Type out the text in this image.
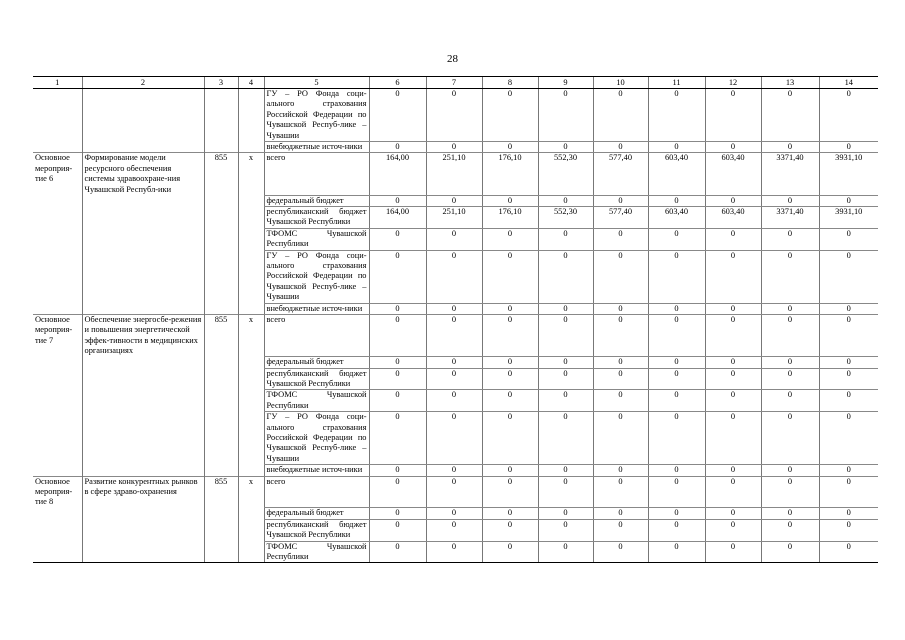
28
1	2	3	4	5	6	7	8	9	10	11	12	13	14
				ГУ – РО Фонда соци-альнoго страхования Российской Федерации по Чувашской Респуб-лике – Чувашии	0	0	0	0	0	0	0	0	0
				внебюджетные источ-ники	0	0	0	0	0	0	0	0	0
Основное мероприя-тие 6	Формирование модели ресурсного обеспечения системы здравоохране-ния Чувашской Республ-ики	855	x	всего	164,00	251,10	176,10	552,30	577,40	603,40	603,40	3371,40	3931,10
				федеральный бюджет	0	0	0	0	0	0	0	0	0
				республиканский бюджет Чувашской Республики	164,00	251,10	176,10	552,30	577,40	603,40	603,40	3371,40	3931,10
				ТФОМС Чувашской Республики	0	0	0	0	0	0	0	0	0
				ГУ – РО Фонда соци-альнoго страхования Российской Федерации по Чувашской Респуб-лике – Чувашии	0	0	0	0	0	0	0	0	0
				внебюджетные источ-ники	0	0	0	0	0	0	0	0	0
Основное мероприя-тие 7	Обеспечение энергосбе-режения и повышения энергетической эффек-тивности в медицинских организациях	855	x	всего	0	0	0	0	0	0	0	0	0
				федеральный бюджет	0	0	0	0	0	0	0	0	0
				республиканский бюджет Чувашской Республики	0	0	0	0	0	0	0	0	0
				ТФОМС Чувашской Республики	0	0	0	0	0	0	0	0	0
				ГУ – РО Фонда соци-альнoго страхования Российской Федерации по Чувашской Респуб-лике – Чувашии	0	0	0	0	0	0	0	0	0
				внебюджетные источ-ники	0	0	0	0	0	0	0	0	0
Основное мероприя-тие 8	Развитие конкурентных рынков в сфере здраво-охранения	855	x	всего	0	0	0	0	0	0	0	0	0
				федеральный бюджет	0	0	0	0	0	0	0	0	0
				республиканский бюджет Чувашской Республики	0	0	0	0	0	0	0	0	0
				ТФОМС Чувашской Республики	0	0	0	0	0	0	0	0	0
